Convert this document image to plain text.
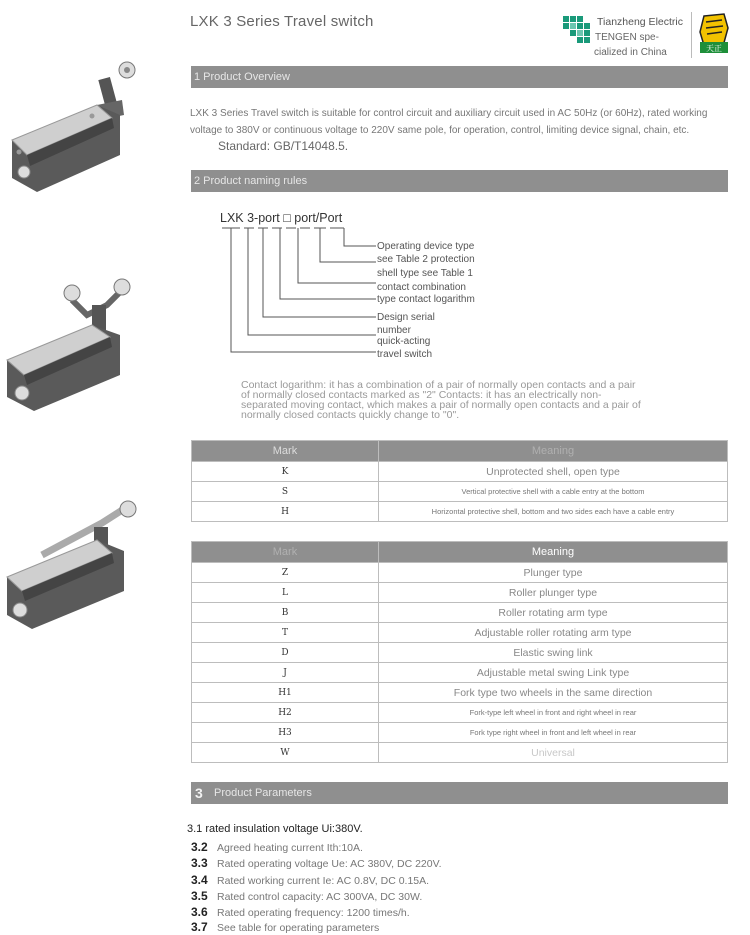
LXK 3 Series Travel switch	Tianzheng Electric
TENGEN spe-
cialized in China	天正
1 Product Overview
LXK 3 Series Travel switch is suitable for control circuit and auxiliary circuit used in AC 50Hz (or 60Hz), rated working voltage to 380V or continuous voltage to 220V same pole, for operation, control, limiting device signal, chain, etc.
Standard: GB/T14048.5.
2 Product naming rules
LXK 3-port □ port/Port
Operating device type
see Table 2 protection
shell type see Table 1
contact combination
type contact logarithm
Design serial
number
quick-acting
travel switch
Contact logarithm: it has a combination of a pair of normally open contacts and a pair of normally closed contacts marked as "2" Contacts: it has an electrically non-separated moving contact, which makes a pair of normally open contacts and a pair of normally closed contacts quickly change to "0".
Mark	Meaning
K	Unprotected shell, open type
S	Vertical protective shell with a cable entry at the bottom
H	Horizontal protective shell, bottom and two sides each have a cable entry
Mark	Meaning
Z	Plunger type
L	Roller plunger type
B	Roller rotating arm type
T	Adjustable roller rotating arm type
D	Elastic swing link
J	Adjustable metal swing Link type
H1	Fork type two wheels in the same direction
H2	Fork-type left wheel in front and right wheel in rear
H3	Fork type right wheel in front and left wheel in rear
W	Universal
3 Product Parameters
3.1 rated insulation voltage Ui:380V.
3.2 Agreed heating current Ith:10A.
3.3 Rated operating voltage Ue: AC 380V, DC 220V.
3.4 Rated working current Ie: AC 0.8V, DC 0.15A.
3.5 Rated control capacity: AC 300VA, DC 30W.
3.6 Rated operating frequency: 1200 times/h.
3.7 See table for operating parameters
